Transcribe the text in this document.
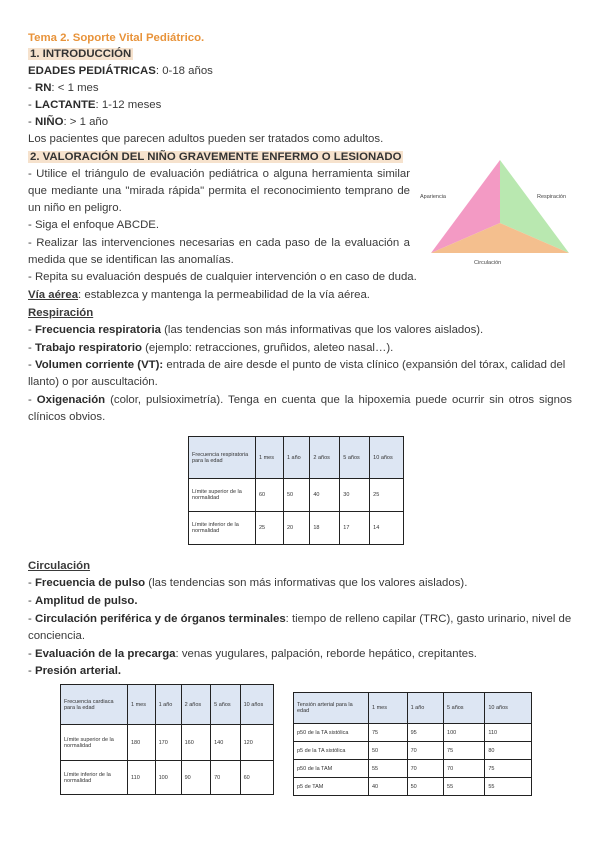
Tema 2. Soporte Vital Pediátrico.
1. INTRODUCCIÓN
EDADES PEDIÁTRICAS: 0-18 años
- RN: < 1 mes
- LACTANTE: 1-12 meses
- NIÑO: > 1 año
Los pacientes que parecen adultos pueden ser tratados como adultos.
2. VALORACIÓN DEL NIÑO GRAVEMENTE ENFERMO O LESIONADO
- Utilice el triángulo de evaluación pediátrica o alguna herramienta similar que mediante una "mirada rápida" permita el reconocimiento temprano de un niño en peligro.
- Siga el enfoque ABCDE.
- Realizar las intervenciones necesarias en cada paso de la evaluación a medida que se identifican las anomalías.
- Repita su evaluación después de cualquier intervención o en caso de duda.
Vía aérea: establezca y mantenga la permeabilidad de la vía aérea.
Apariencia	Respiración
Circulación
Respiración
- Frecuencia respiratoria (las tendencias son más informativas que los valores aislados).
- Trabajo respiratorio (ejemplo: retracciones, gruñidos, aleteo nasal…).
- Volumen corriente (VT): entrada de aire desde el punto de vista clínico (expansión del tórax, calidad del llanto) o por auscultación.
- Oxigenación (color, pulsioximetría). Tenga en cuenta que la hipoxemia puede ocurrir sin otros signos clínicos obvios.
Frecuencia respiratoria para la edad	1 mes	1 año	2 años	5 años	10 años
Límite superior de la normalidad	60	50	40	30	25
Límite inferior de la normalidad	25	20	18	17	14
Circulación
- Frecuencia de pulso (las tendencias son más informativas que los valores aislados).
- Amplitud de pulso.
- Circulación periférica y de órganos terminales: tiempo de relleno capilar (TRC), gasto urinario, nivel de conciencia.
- Evaluación de la precarga: venas yugulares, palpación, reborde hepático, crepitantes.
- Presión arterial.
Frecuencia cardiaca para la edad	1 mes	1 año	2 años	5 años	10 años
Límite superior de la normalidad	180	170	160	140	120
Límite inferior de la normalidad	110	100	90	70	60
Tensión arterial para la edad	1 mes	1 año	5 años	10 años
p50 de la TA sistólica	75	95	100	110
p5 de la TA sistólica	50	70	75	80
p50 de la TAM	55	70	70	75
p5 de TAM	40	50	55	55
